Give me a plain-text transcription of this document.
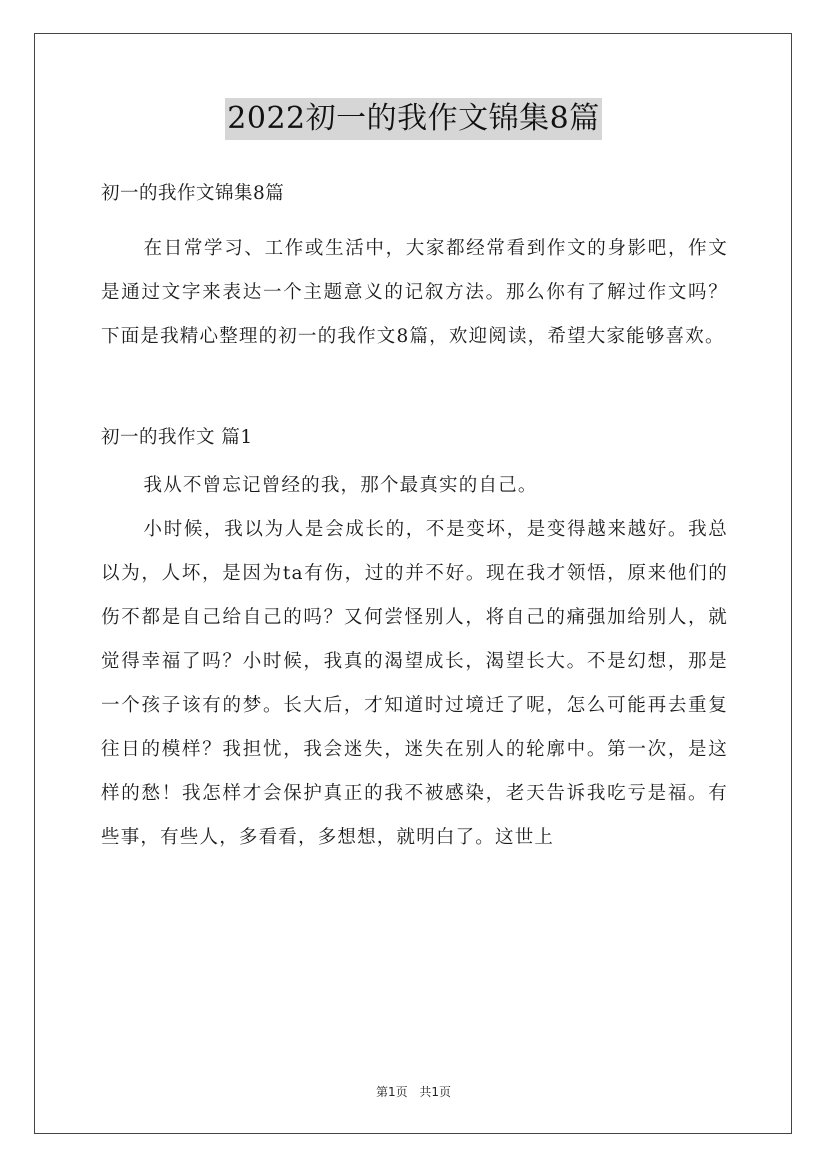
2022初一的我作文锦集8篇

初一的我作文锦集8篇

在日常学习、工作或生活中，大家都经常看到作文的身影吧，作文是通过文字来表达一个主题意义的记叙方法。那么你有了解过作文吗？下面是我精心整理的初一的我作文8篇，欢迎阅读，希望大家能够喜欢。

初一的我作文 篇1

我从不曾忘记曾经的我，那个最真实的自己。

小时候，我以为人是会成长的，不是变坏，是变得越来越好。我总以为，人坏，是因为ta有伤，过的并不好。现在我才领悟，原来他们的伤不都是自己给自己的吗？又何尝怪别人，将自己的痛强加给别人，就觉得幸福了吗？小时候，我真的渴望成长，渴望长大。不是幻想，那是一个孩子该有的梦。长大后，才知道时过境迁了呢，怎么可能再去重复往日的模样？我担忧，我会迷失，迷失在别人的轮廓中。第一次，是这样的愁！我怎样才会保护真正的我不被感染，老天告诉我吃亏是福。有些事，有些人，多看看，多想想，就明白了。这世上

第1页 共1页
